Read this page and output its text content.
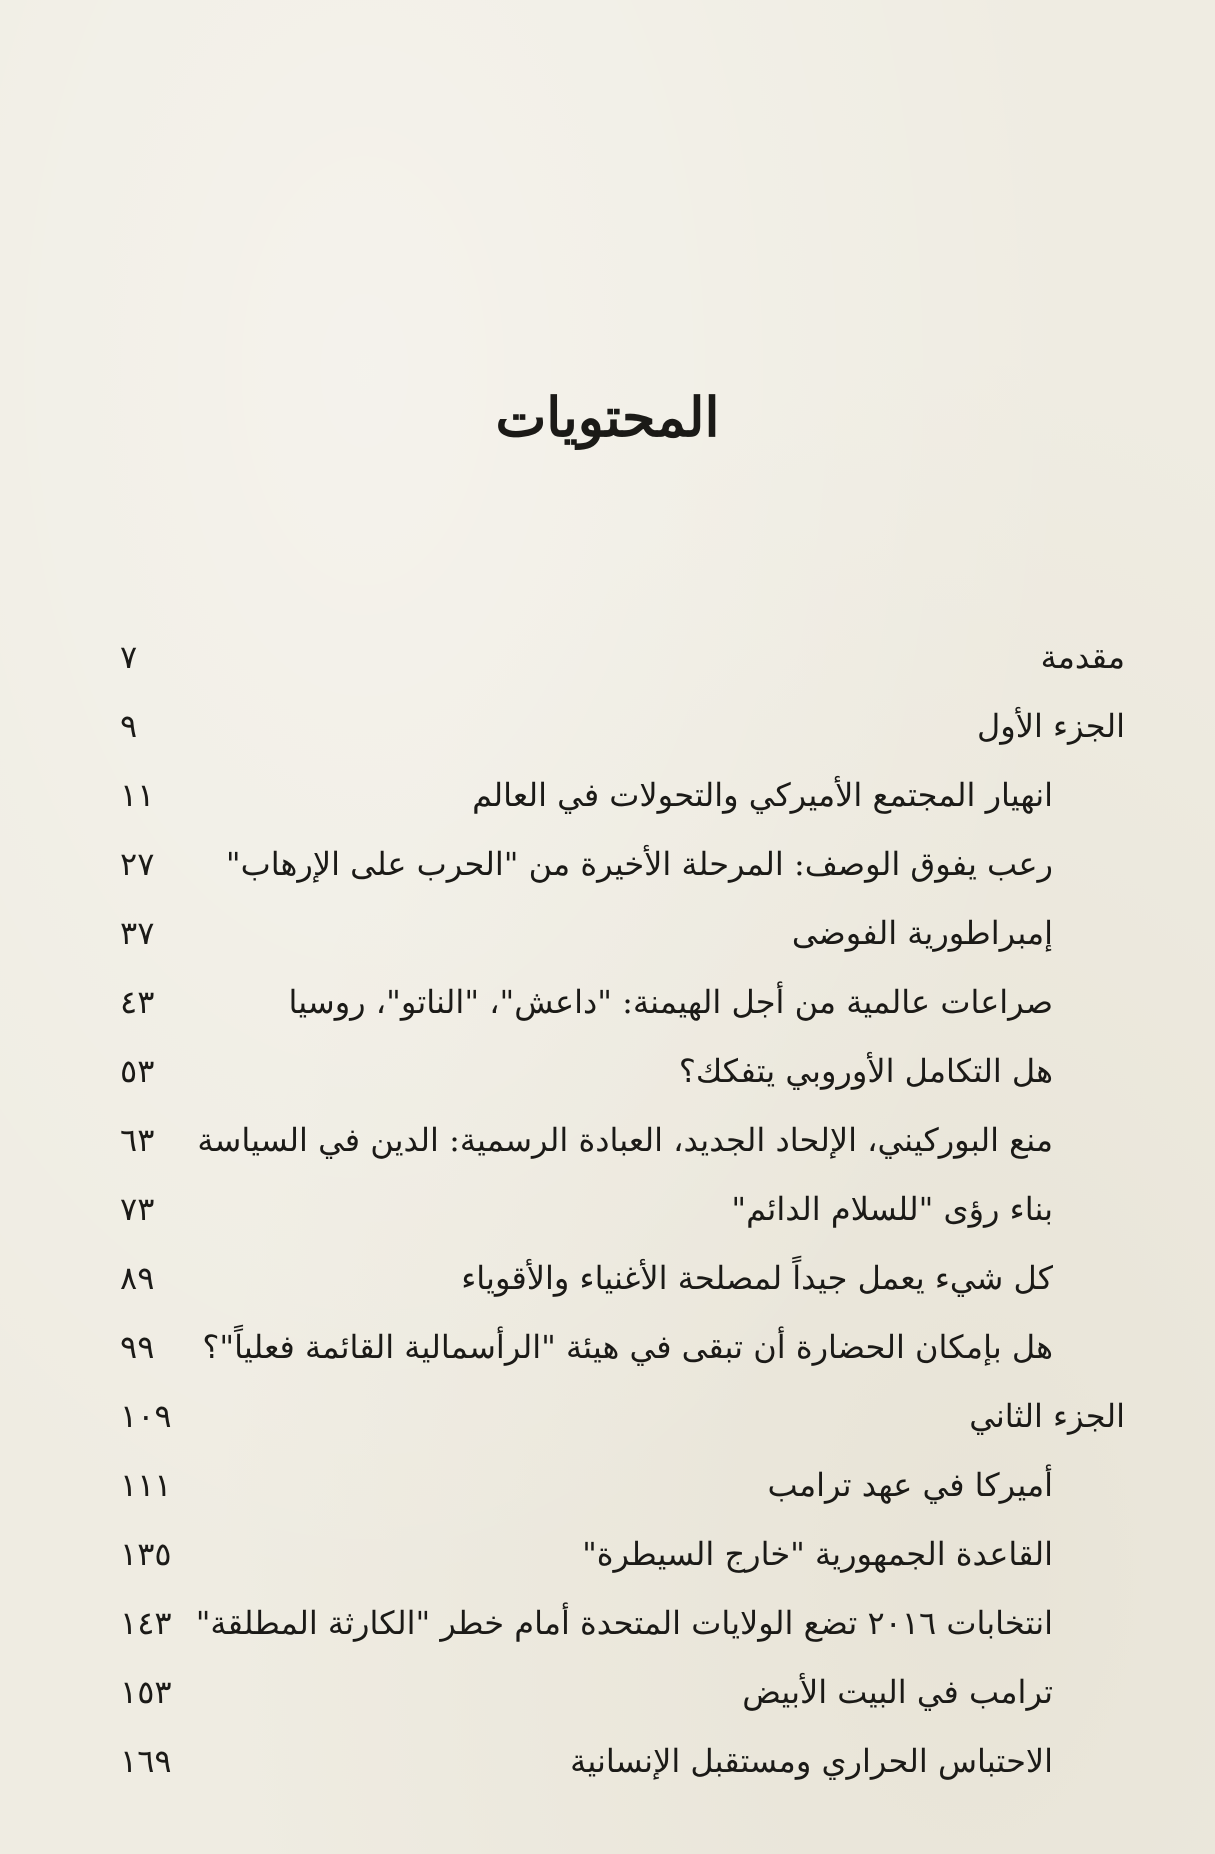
المحتويات
مقدمة
٧
الجزء الأول
٩
انهيار المجتمع الأميركي والتحولات في العالم
١١
رعب يفوق الوصف: المرحلة الأخيرة من "الحرب على الإرهاب"
٢٧
إمبراطورية الفوضى
٣٧
صراعات عالمية من أجل الهيمنة: "داعش"، "الناتو"، روسيا
٤٣
هل التكامل الأوروبي يتفكك؟
٥٣
منع البوركيني، الإلحاد الجديد، العبادة الرسمية: الدين في السياسة
٦٣
بناء رؤى "للسلام الدائم"
٧٣
كل شيء يعمل جيداً لمصلحة الأغنياء والأقوياء
٨٩
هل بإمكان الحضارة أن تبقى في هيئة "الرأسمالية القائمة فعلياً"؟
٩٩
الجزء الثاني
١٠٩
أميركا في عهد ترامب
١١١
القاعدة الجمهورية "خارج السيطرة"
١٣٥
انتخابات ٢٠١٦ تضع الولايات المتحدة أمام خطر "الكارثة المطلقة"
١٤٣
ترامب في البيت الأبيض
١٥٣
الاحتباس الحراري ومستقبل الإنسانية
١٦٩
